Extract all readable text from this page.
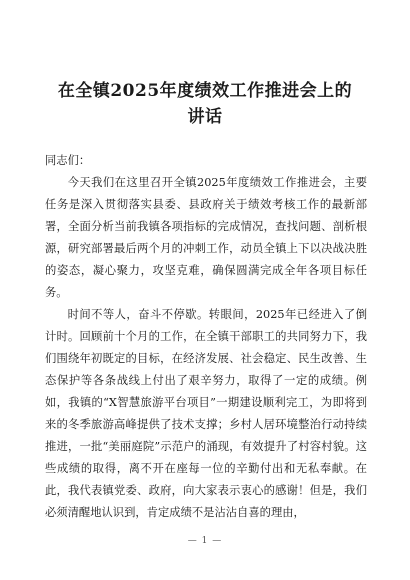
在全镇2025年度绩效工作推进会上的讲话

同志们：

今天我们在这里召开全镇2025年度绩效工作推进会，主要任务是深入贯彻落实县委、县政府关于绩效考核工作的最新部署，全面分析当前我镇各项指标的完成情况，查找问题、剖析根源，研究部署最后两个月的冲刺工作，动员全镇上下以决战决胜的姿态，凝心聚力，攻坚克难，确保圆满完成全年各项目标任务。

时间不等人，奋斗不停歇。转眼间，2025年已经进入了倒计时。回顾前十个月的工作，在全镇干部职工的共同努力下，我们围绕年初既定的目标，在经济发展、社会稳定、民生改善、生态保护等各条战线上付出了艰辛努力，取得了一定的成绩。例如，我镇的“X智慧旅游平台项目”一期建设顺利完工，为即将到来的冬季旅游高峰提供了技术支撑；乡村人居环境整治行动持续推进，一批“美丽庭院”示范户的涌现，有效提升了村容村貌。这些成绩的取得，离不开在座每一位的辛勤付出和无私奉献。在此，我代表镇党委、政府，向大家表示衷心的感谢！但是，我们必须清醒地认识到，肯定成绩不是沾沾自喜的理由，

— 1 —
